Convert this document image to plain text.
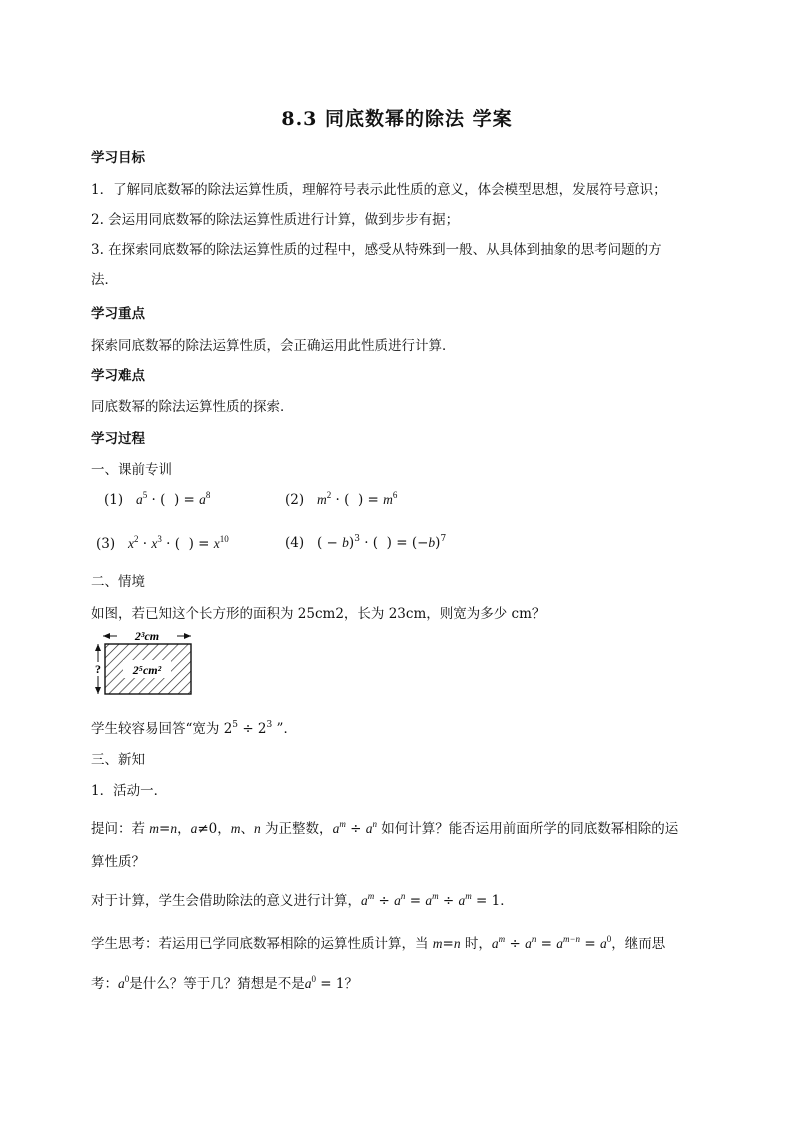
8.3 同底数幂的除法 学案
学习目标
1．了解同底数幂的除法运算性质，理解符号表示此性质的意义，体会模型思想，发展符号意识；
2. 会运用同底数幂的除法运算性质进行计算，做到步步有据；
3. 在探索同底数幂的除法运算性质的过程中，感受从特殊到一般、从具体到抽象的思考问题的方
法．
学习重点
探索同底数幂的除法运算性质，会正确运用此性质进行计算．
学习难点
同底数幂的除法运算性质的探索．
学习过程
一、课前专训
(1) $a^5$ · (  ) = $a^8$	(2) $m^2$ · (  ) = $m^6$
(3) $x^2 \cdot x^3$ · (  ) = $x^{10}$	(4)   ( − b)$^3$ · (  ) = $(-b)^7$
二、情境
如图，若已知这个长方形的面积为 25cm2，长为 23cm，则宽为多少 cm？
2³cm
2⁵cm²
?
学生较容易回答“宽为 $2^5 \div 2^3$ ”．
三、新知
1．活动一．
提问：若 m=n，a≠0，m、n 为正整数，$a^m \div a^n$ 如何计算？能否运用前面所学的同底数幂相除的运
算性质？
对于计算，学生会借助除法的意义进行计算，$a^m \div a^n = a^m \div a^m = 1$．
学生思考：若运用已学同底数幂相除的运算性质计算，当 m=n 时，$a^m \div a^n = a^{m-n} = a^0$，继而思
考：$a^0$是什么？等于几？猜想是不是$a^0 = 1$？
